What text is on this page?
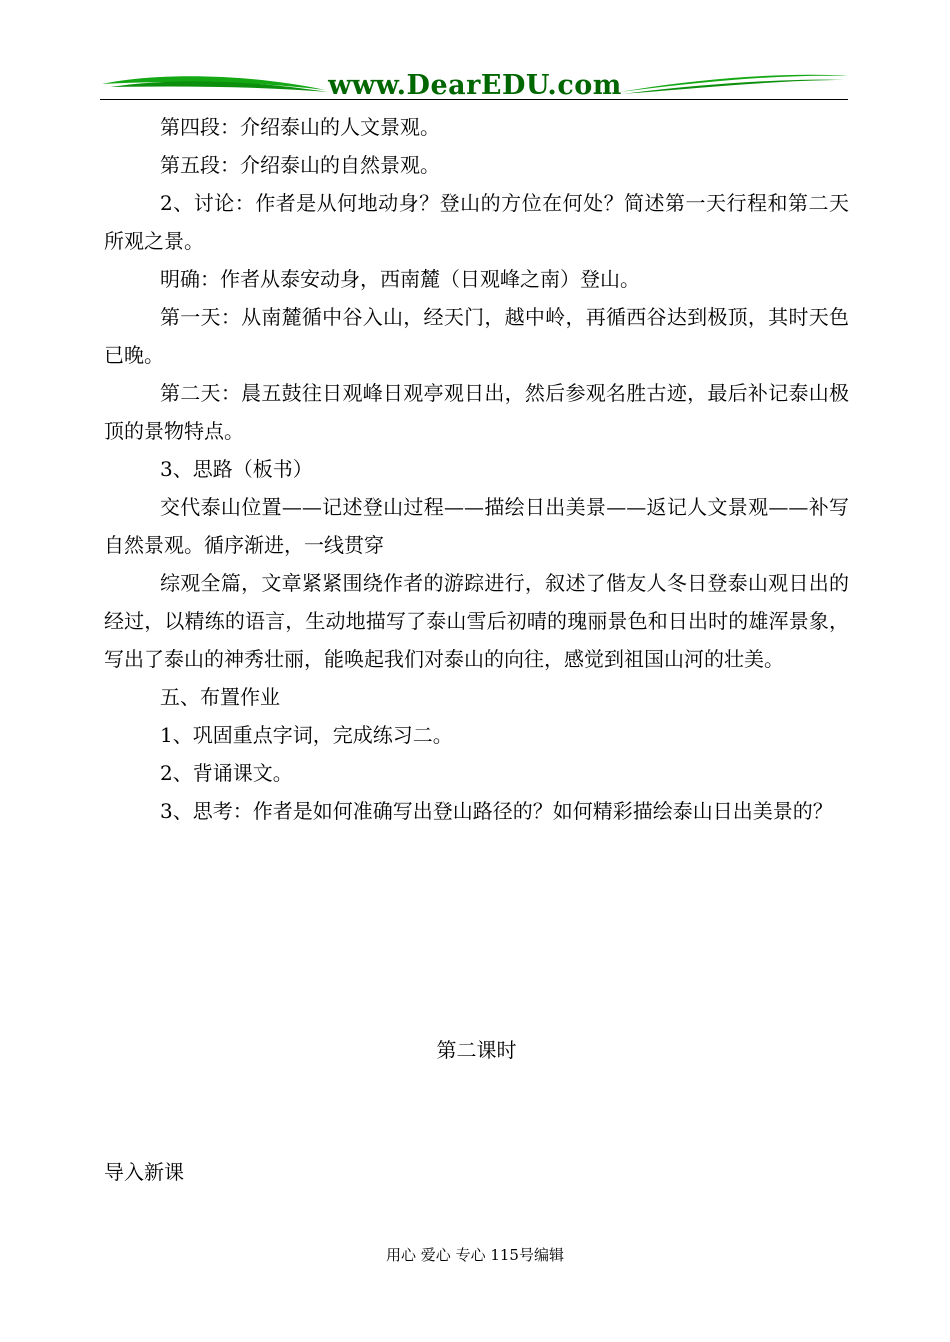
www.DearEDU.com

第四段：介绍泰山的人文景观。

第五段：介绍泰山的自然景观。

2、讨论：作者是从何地动身？登山的方位在何处？简述第一天行程和第二天所观之景。

明确：作者从泰安动身，西南麓（日观峰之南）登山。

第一天：从南麓循中谷入山，经天门，越中岭，再循西谷达到极顶，其时天色已晚。

第二天：晨五鼓往日观峰日观亭观日出，然后参观名胜古迹，最后补记泰山极顶的景物特点。

3、思路（板书）

交代泰山位置——记述登山过程——描绘日出美景——返记人文景观——补写自然景观。循序渐进，一线贯穿

综观全篇，文章紧紧围绕作者的游踪进行，叙述了偕友人冬日登泰山观日出的经过，以精练的语言，生动地描写了泰山雪后初晴的瑰丽景色和日出时的雄浑景象，写出了泰山的神秀壮丽，能唤起我们对泰山的向往，感觉到祖国山河的壮美。

五、布置作业

1、巩固重点字词，完成练习二。

2、背诵课文。

3、思考：作者是如何准确写出登山路径的？如何精彩描绘泰山日出美景的？

第二课时
导入新课
用心 爱心 专心 115号编辑
